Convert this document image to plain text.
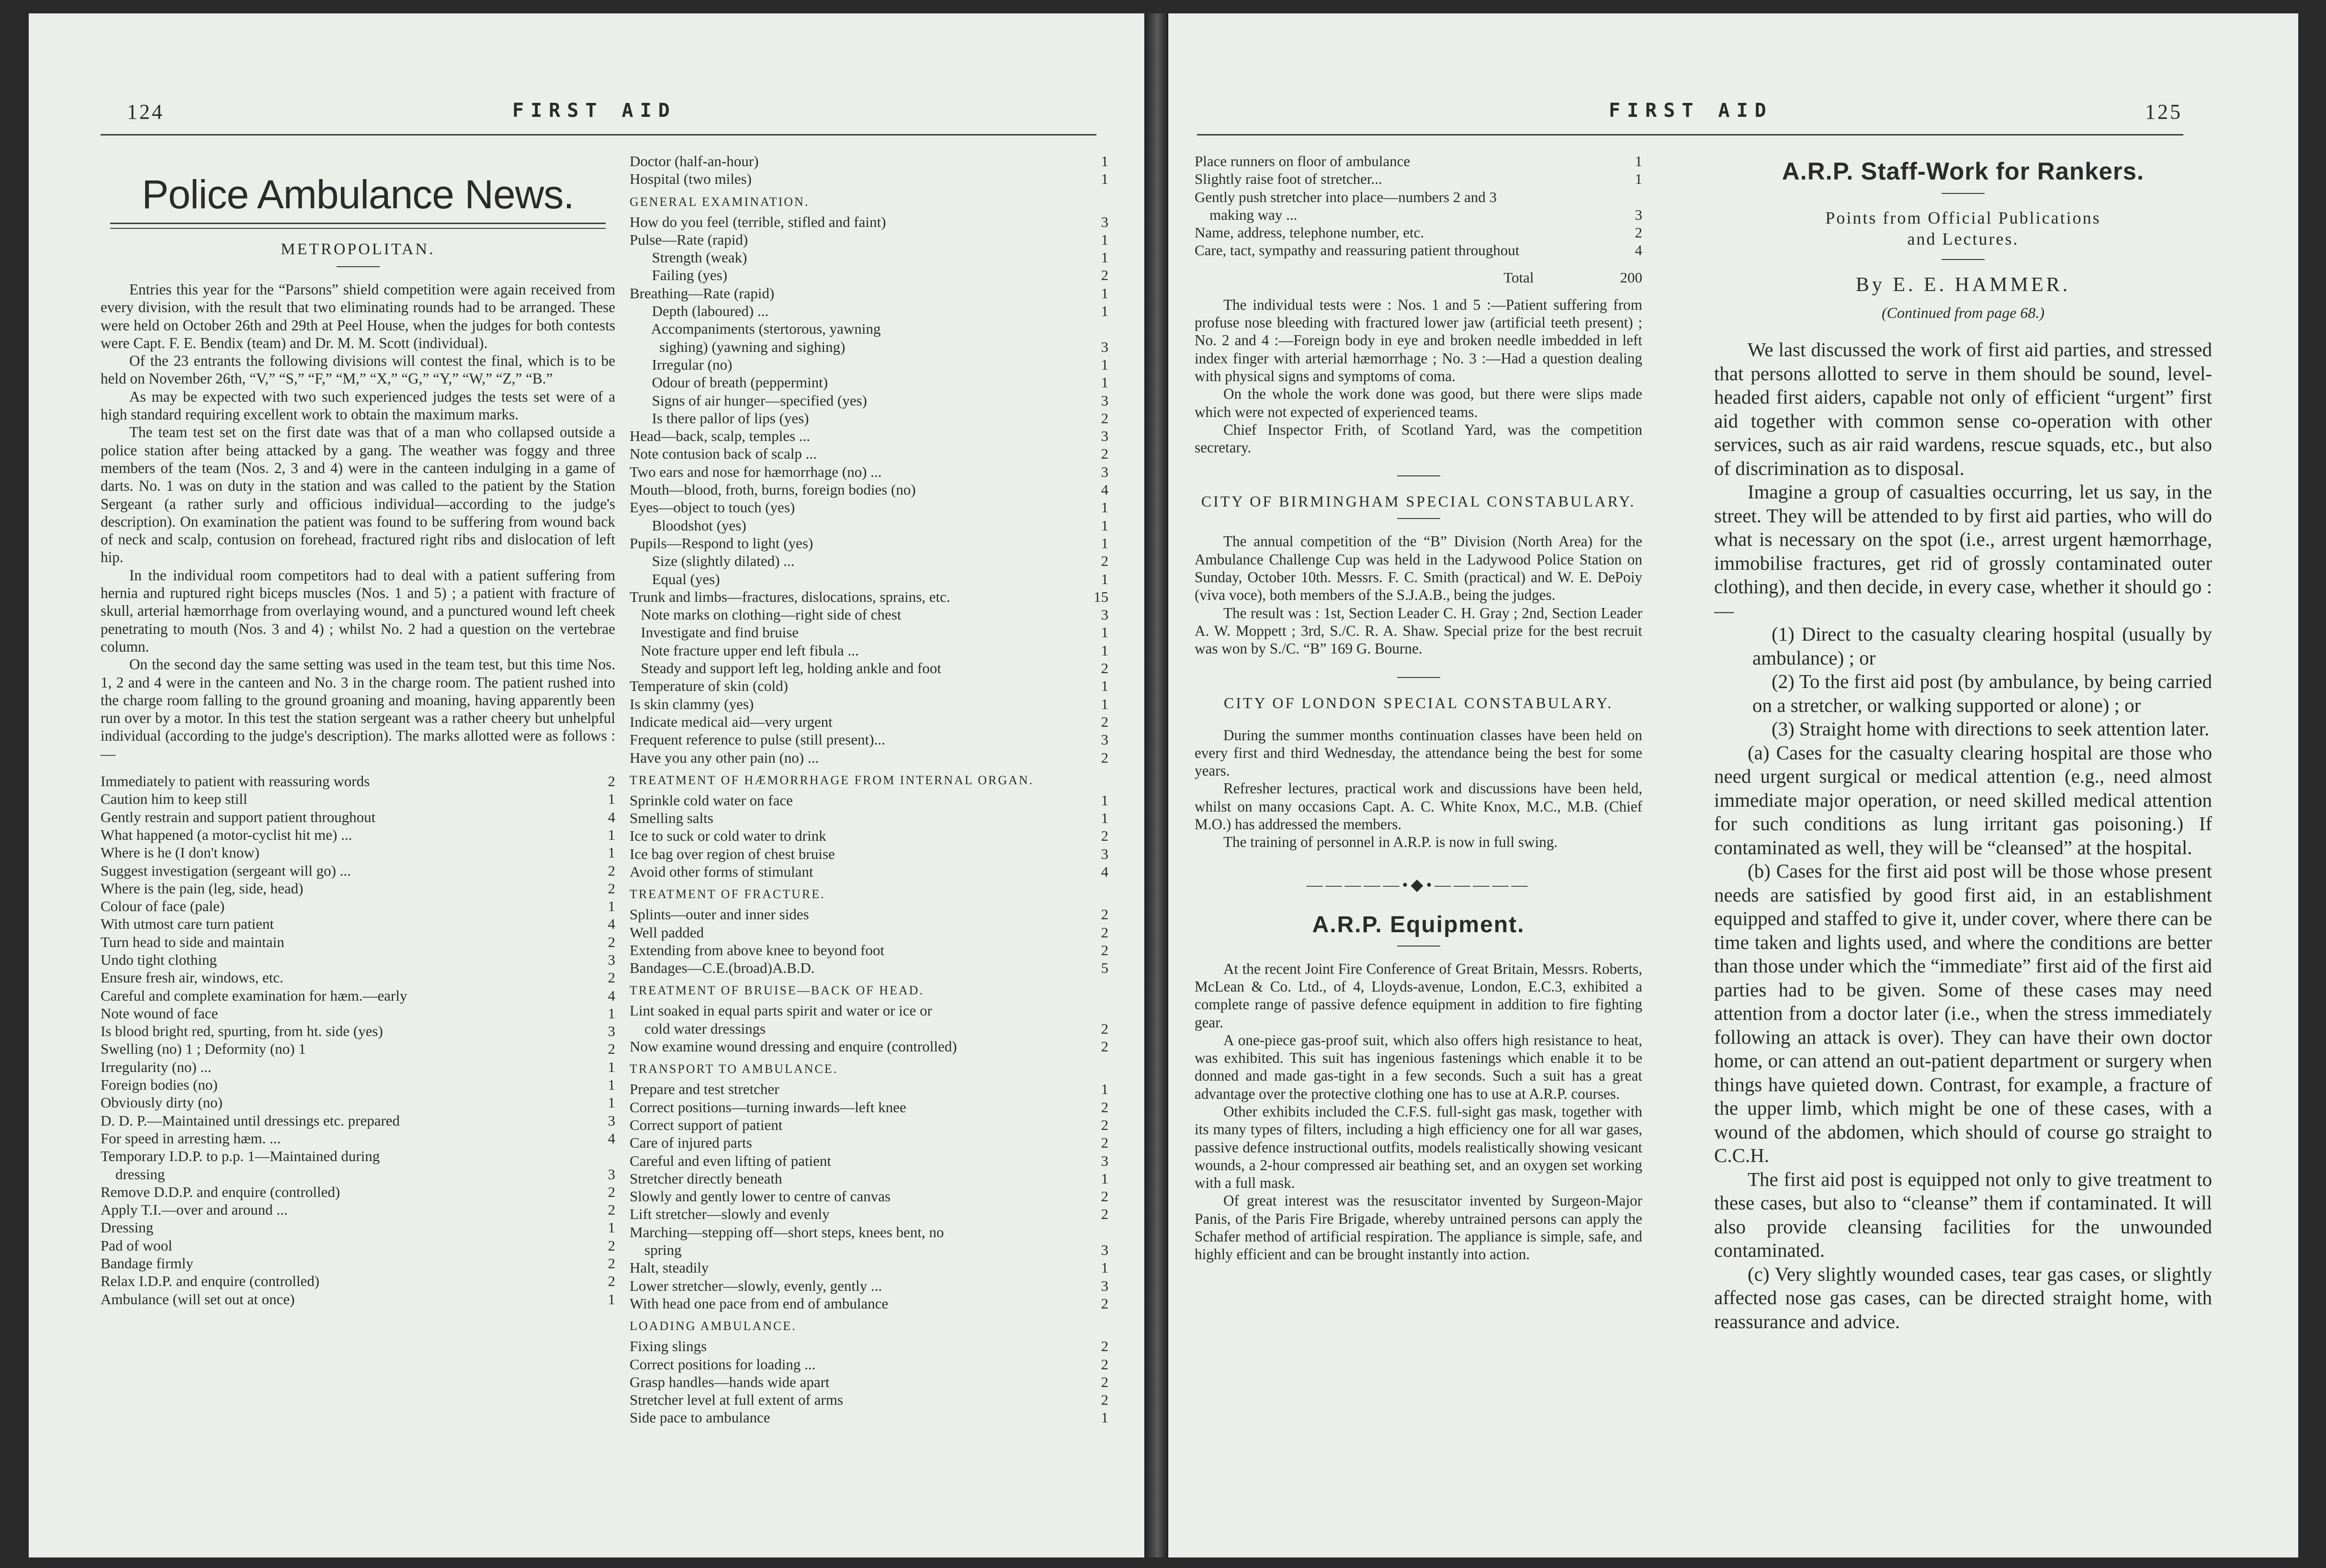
124	FIRST AID
Police Ambulance News.
METROPOLITAN.

Entries this year for the “Parsons” shield competition were again received from every division, with the result that two eliminating rounds had to be arranged. These were held on October 26th and 29th at Peel House, when the judges for both contests were Capt. F. E. Bendix (team) and Dr. M. M. Scott (individual).

Of the 23 entrants the following divisions will contest the final, which is to be held on November 26th, “V,” “S,” “F,” “M,” “X,” “G,” “Y,” “W,” “Z,” “B.”

As may be expected with two such experienced judges the tests set were of a high standard requiring excellent work to obtain the maximum marks.

The team test set on the first date was that of a man who collapsed outside a police station after being attacked by a gang. The weather was foggy and three members of the team (Nos. 2, 3 and 4) were in the canteen indulging in a game of darts. No. 1 was on duty in the station and was called to the patient by the Station Sergeant (a rather surly and officious individual—according to the judge's description). On examination the patient was found to be suffering from wound back of neck and scalp, contusion on forehead, fractured right ribs and dislocation of left hip.

In the individual room competitors had to deal with a patient suffering from hernia and ruptured right biceps muscles (Nos. 1 and 5) ; a patient with fracture of skull, arterial hæmorrhage from overlaying wound, and a punctured wound left cheek penetrating to mouth (Nos. 3 and 4) ; whilst No. 2 had a question on the vertebrae column.

On the second day the same setting was used in the team test, but this time Nos. 1, 2 and 4 were in the canteen and No. 3 in the charge room. The patient rushed into the charge room falling to the ground groaning and moaning, having apparently been run over by a motor. In this test the station sergeant was a rather cheery but unhelpful individual (according to the judge's description). The marks allotted were as follows :—

Immediately to patient with reassuring words	2
Caution him to keep still	1
Gently restrain and support patient throughout	4
What happened (a motor-cyclist hit me) ...	1
Where is he (I don't know)	1
Suggest investigation (sergeant will go) ...	2
Where is the pain (leg, side, head)	2
Colour of face (pale)	1
With utmost care turn patient	4
Turn head to side and maintain	2
Undo tight clothing	3
Ensure fresh air, windows, etc.	2
Careful and complete examination for hæm.—early	4
Note wound of face	1
Is blood bright red, spurting, from ht. side (yes)	3
Swelling (no) 1 ; Deformity (no) 1	2
Irregularity (no) ...	1
Foreign bodies (no)	1
Obviously dirty (no)	1
D. D. P.—Maintained until dressings etc. prepared	3
For speed in arresting hæm. ...	4
Temporary I.D.P. to p.p. 1—Maintained during
dressing	3
Remove D.D.P. and enquire (controlled)	2
Apply T.I.—over and around ...	2
Dressing	1
Pad of wool	2
Bandage firmly	2
Relax I.D.P. and enquire (controlled)	2
Ambulance (will set out at once)	1
Doctor (half-an-hour)	1
Hospital (two miles)	1
GENERAL EXAMINATION.
How do you feel (terrible, stifled and faint)	3
Pulse—Rate (rapid)	1
Strength (weak)	1
Failing (yes)	2
Breathing—Rate (rapid)	1
Depth (laboured) ...	1
Accompaniments (stertorous, yawning
sighing) (yawning and sighing)	3
Irregular (no)	1
Odour of breath (peppermint)	1
Signs of air hunger—specified (yes)	3
Is there pallor of lips (yes)	2
Head—back, scalp, temples ...	3
Note contusion back of scalp ...	2
Two ears and nose for hæmorrhage (no) ...	3
Mouth—blood, froth, burns, foreign bodies (no)	4
Eyes—object to touch (yes)	1
Bloodshot (yes)	1
Pupils—Respond to light (yes)	1
Size (slightly dilated) ...	2
Equal (yes)	1
Trunk and limbs—fractures, dislocations, sprains, etc.	15
Note marks on clothing—right side of chest	3
Investigate and find bruise	1
Note fracture upper end left fibula ...	1
Steady and support left leg, holding ankle and foot	2
Temperature of skin (cold)	1
Is skin clammy (yes)	1
Indicate medical aid—very urgent	2
Frequent reference to pulse (still present)...	3
Have you any other pain (no) ...	2
TREATMENT OF HÆMORRHAGE FROM INTERNAL ORGAN.
Sprinkle cold water on face	1
Smelling salts	1
Ice to suck or cold water to drink	2
Ice bag over region of chest bruise	3
Avoid other forms of stimulant	4
TREATMENT OF FRACTURE.
Splints—outer and inner sides	2
Well padded	2
Extending from above knee to beyond foot	2
Bandages—C.E.(broad)A.B.D.	5
TREATMENT OF BRUISE—BACK OF HEAD.
Lint soaked in equal parts spirit and water or ice or
cold water dressings	2
Now examine wound dressing and enquire (controlled)	2
TRANSPORT TO AMBULANCE.
Prepare and test stretcher	1
Correct positions—turning inwards—left knee	2
Correct support of patient	2
Care of injured parts	2
Careful and even lifting of patient	3
Stretcher directly beneath	1
Slowly and gently lower to centre of canvas	2
Lift stretcher—slowly and evenly	2
Marching—stepping off—short steps, knees bent, no
spring	3
Halt, steadily	1
Lower stretcher—slowly, evenly, gently ...	3
With head one pace from end of ambulance	2
LOADING AMBULANCE.
Fixing slings	2
Correct positions for loading ...	2
Grasp handles—hands wide apart	2
Stretcher level at full extent of arms	2
Side pace to ambulance	1
FIRST AID	125
Place runners on floor of ambulance	1
Slightly raise foot of stretcher...	1
Gently push stretcher into place—numbers 2 and 3
making way ...	3
Name, address, telephone number, etc.	2
Care, tact, sympathy and reassuring patient throughout	4
Total	200

The individual tests were : Nos. 1 and 5 :—Patient suffering from profuse nose bleeding with fractured lower jaw (artificial teeth present) ; No. 2 and 4 :—Foreign body in eye and broken needle imbedded in left index finger with arterial hæmorrhage ; No. 3 :—Had a question dealing with physical signs and symptoms of coma.

On the whole the work done was good, but there were slips made which were not expected of experienced teams.

Chief Inspector Frith, of Scotland Yard, was the competition secretary.

CITY OF BIRMINGHAM SPECIAL CONSTABULARY.

The annual competition of the “B” Division (North Area) for the Ambulance Challenge Cup was held in the Ladywood Police Station on Sunday, October 10th. Messrs. F. C. Smith (practical) and W. E. DePoiy (viva voce), both members of the S.J.A.B., being the judges.

The result was : 1st, Section Leader C. H. Gray ; 2nd, Section Leader A. W. Moppett ; 3rd, S./C. R. A. Shaw. Special prize for the best recruit was won by S./C. “B” 169 G. Bourne.

CITY OF LONDON SPECIAL CONSTABULARY.

During the summer months continuation classes have been held on every first and third Wednesday, the attendance being the best for some years.

Refresher lectures, practical work and discussions have been held, whilst on many occasions Capt. A. C. White Knox, M.C., M.B. (Chief M.O.) has addressed the members.

The training of personnel in A.R.P. is now in full swing.

—————•◆•—————
A.R.P. Equipment.

At the recent Joint Fire Conference of Great Britain, Messrs. Roberts, McLean & Co. Ltd., of 4, Lloyds-avenue, London, E.C.3, exhibited a complete range of passive defence equipment in addition to fire fighting gear.

A one-piece gas-proof suit, which also offers high resistance to heat, was exhibited. This suit has ingenious fastenings which enable it to be donned and made gas-tight in a few seconds. Such a suit has a great advantage over the protective clothing one has to use at A.R.P. courses.

Other exhibits included the C.F.S. full-sight gas mask, together with its many types of filters, including a high efficiency one for all war gases, passive defence instructional outfits, models realistically showing vesicant wounds, a 2-hour compressed air beathing set, and an oxygen set working with a full mask.

Of great interest was the resuscitator invented by Surgeon-Major Panis, of the Paris Fire Brigade, whereby untrained persons can apply the Schafer method of artificial respiration. The appliance is simple, safe, and highly efficient and can be brought instantly into action.

A.R.P. Staff-Work for Rankers.
Points from Official Publications
and Lectures.
By E. E. HAMMER.
(Continued from page 68.)

We last discussed the work of first aid parties, and stressed that persons allotted to serve in them should be sound, level-headed first aiders, capable not only of efficient “urgent” first aid together with common sense co-operation with other services, such as air raid wardens, rescue squads, etc., but also of discrimination as to disposal.

Imagine a group of casualties occurring, let us say, in the street. They will be attended to by first aid parties, who will do what is necessary on the spot (i.e., arrest urgent hæmorrhage, immobilise fractures, get rid of grossly contaminated outer clothing), and then decide, in every case, whether it should go :—

(1) Direct to the casualty clearing hospital (usually by ambulance) ; or

(2) To the first aid post (by ambulance, by being carried on a stretcher, or walking supported or alone) ; or

(3) Straight home with directions to seek attention later.

(a) Cases for the casualty clearing hospital are those who need urgent surgical or medical attention (e.g., need almost immediate major operation, or need skilled medical attention for such conditions as lung irritant gas poisoning.) If contaminated as well, they will be “cleansed” at the hospital.

(b) Cases for the first aid post will be those whose present needs are satisfied by good first aid, in an establishment equipped and staffed to give it, under cover, where there can be time taken and lights used, and where the conditions are better than those under which the “immediate” first aid of the first aid parties had to be given. Some of these cases may need attention from a doctor later (i.e., when the stress immediately following an attack is over). They can have their own doctor home, or can attend an out-patient department or surgery when things have quieted down. Contrast, for example, a fracture of the upper limb, which might be one of these cases, with a wound of the abdomen, which should of course go straight to C.C.H.

The first aid post is equipped not only to give treatment to these cases, but also to “cleanse” them if contaminated. It will also provide cleansing facilities for the unwounded contaminated.

(c) Very slightly wounded cases, tear gas cases, or slightly affected nose gas cases, can be directed straight home, with reassurance and advice.
